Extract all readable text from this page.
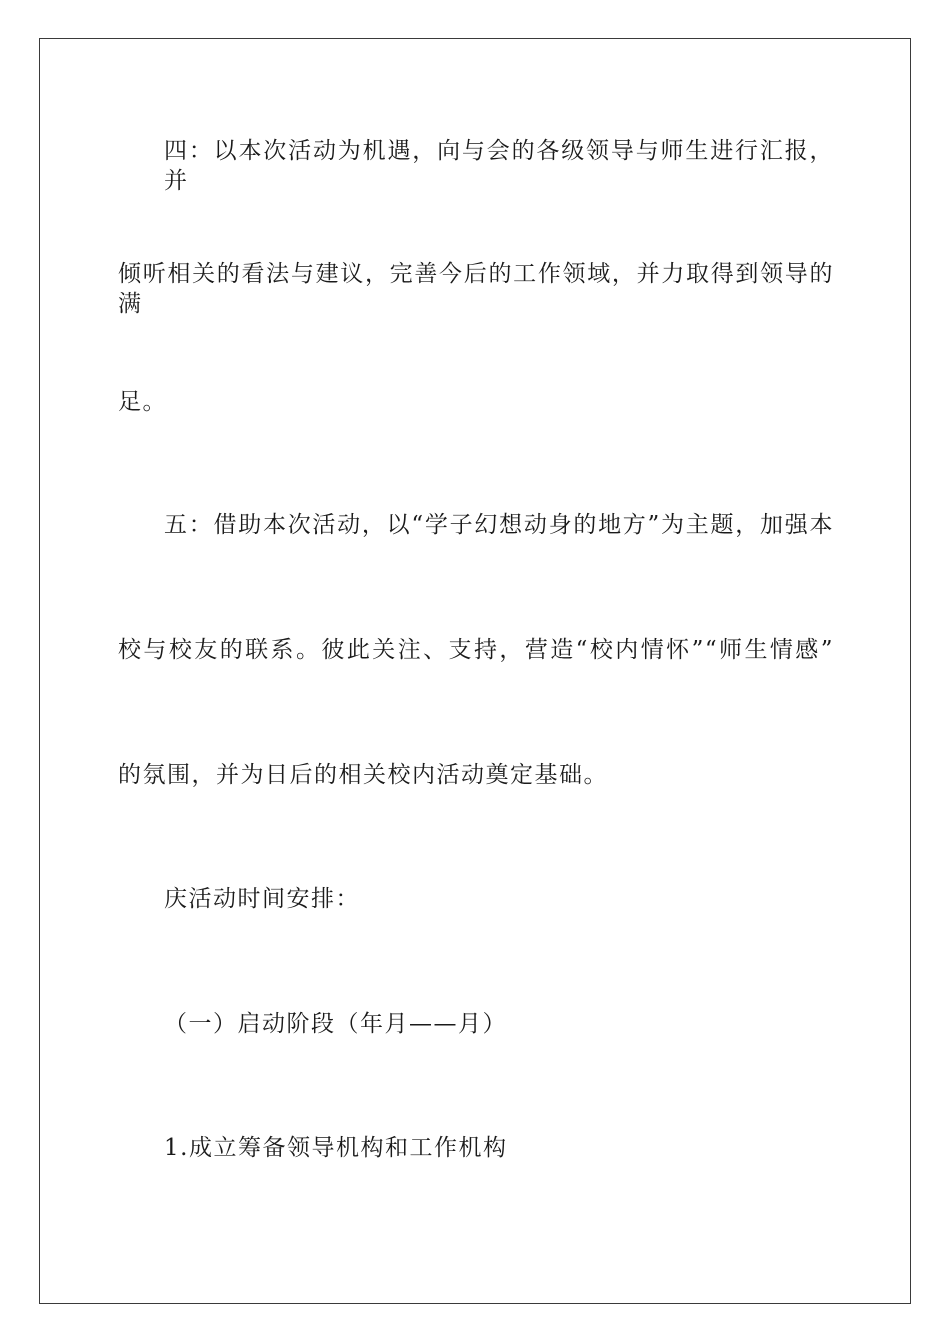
四：以本次活动为机遇，向与会的各级领导与师生进行汇报，并
倾听相关的看法与建议，完善今后的工作领域，并力取得到领导的满
足。
五：借助本次活动，以“学子幻想动身的地方”为主题，加强本
校与校友的联系。彼此关注、支持，营造“校内情怀”“师生情感”
的氛围，并为日后的相关校内活动奠定基础。
庆活动时间安排：
（一）启动阶段（年月——月）
1.成立筹备领导机构和工作机构
